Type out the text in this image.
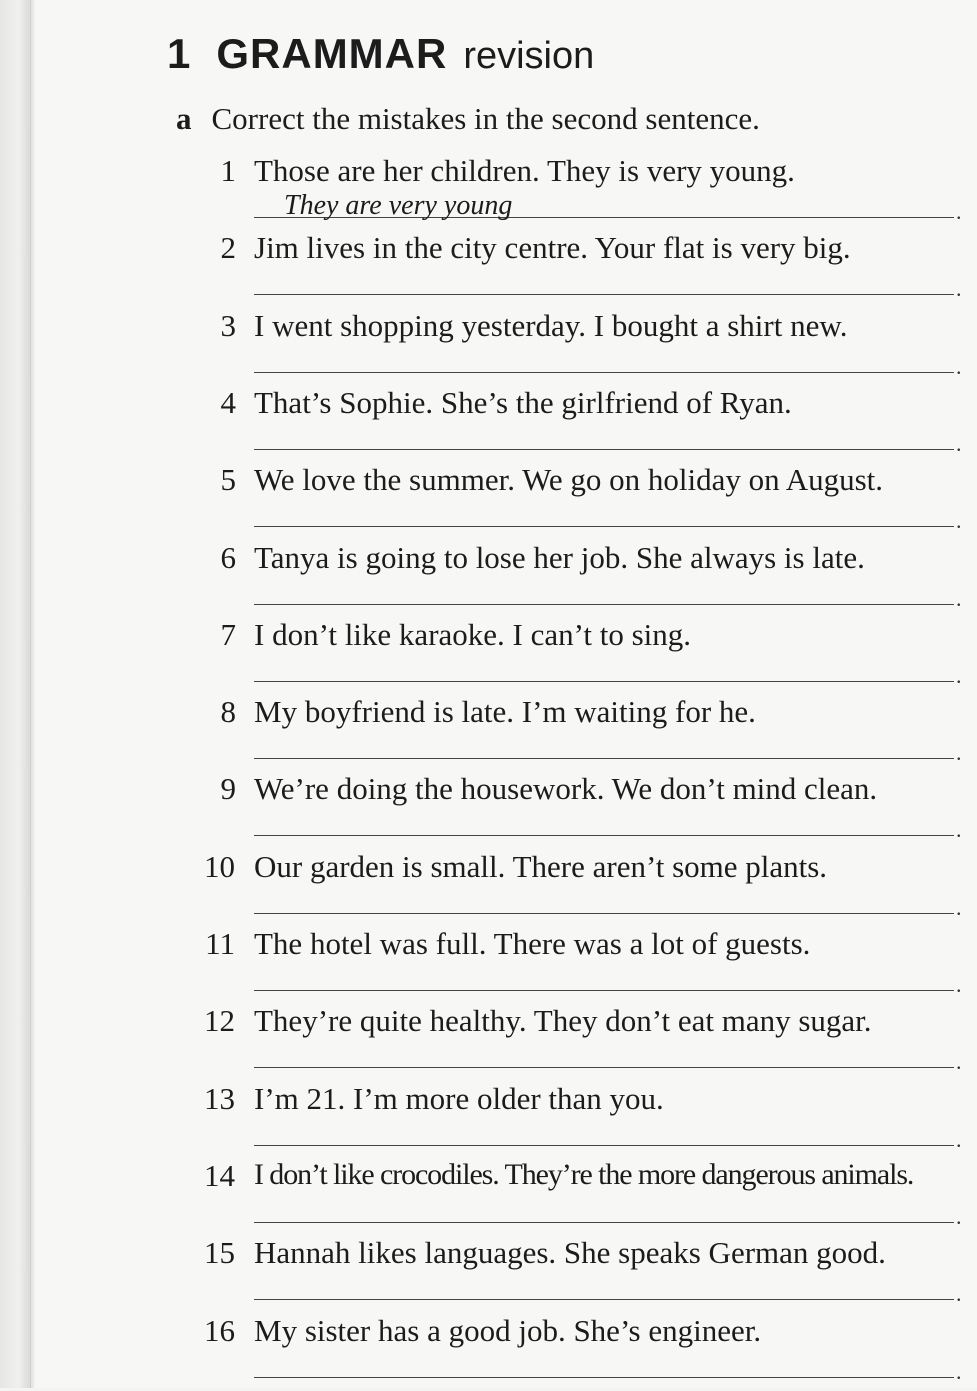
1 GRAMMAR revision
a Correct the mistakes in the second sentence.
1 Those are her children. They is very young.
They are very young	.
2 Jim lives in the city centre. Your flat is very big.
.
3 I went shopping yesterday. I bought a shirt new.
.
4 That’s Sophie. She’s the girlfriend of Ryan.
.
5 We love the summer. We go on holiday on August.
.
6 Tanya is going to lose her job. She always is late.
.
7 I don’t like karaoke. I can’t to sing.
.
8 My boyfriend is late. I’m waiting for he.
.
9 We’re doing the housework. We don’t mind clean.
.
10 Our garden is small. There aren’t some plants.
.
11 The hotel was full. There was a lot of guests.
.
12 They’re quite healthy. They don’t eat many sugar.
.
13 I’m 21. I’m more older than you.
.
14 I don’t like crocodiles. They’re the more dangerous animals.
.
15 Hannah likes languages. She speaks German good.
.
16 My sister has a good job. She’s engineer.
.
